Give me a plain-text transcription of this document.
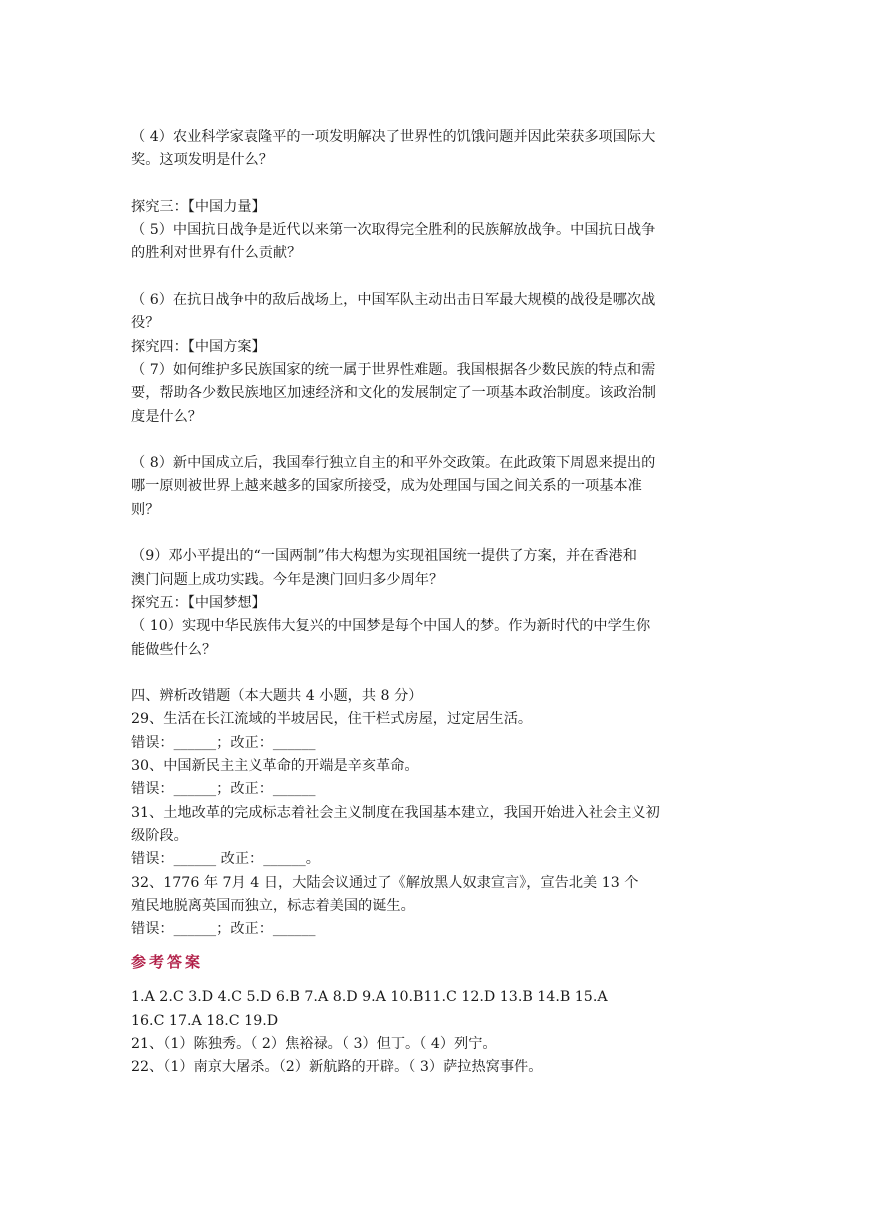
（ 4）农业科学家袁隆平的一项发明解决了世界性的饥饿问题并因此荣获多项国际大
奖。这项发明是什么？
探究三：【中国力量】
（ 5）中国抗日战争是近代以来第一次取得完全胜利的民族解放战争。中国抗日战争
的胜利对世界有什么贡献？
（ 6）在抗日战争中的敌后战场上，中国军队主动出击日军最大规模的战役是哪次战
役？
探究四：【中国方案】
（ 7）如何维护多民族国家的统一属于世界性难题。我国根据各少数民族的特点和需
要，帮助各少数民族地区加速经济和文化的发展制定了一项基本政治制度。该政治制
度是什么？
（ 8）新中国成立后，我国奉行独立自主的和平外交政策。在此政策下周恩来提出的
哪一原则被世界上越来越多的国家所接受，成为处理国与国之间关系的一项基本准
则？
（9）邓小平提出的“一国两制”伟大构想为实现祖国统一提供了方案，并在香港和
澳门问题上成功实践。今年是澳门回归多少周年？
探究五：【中国梦想】
（ 10）实现中华民族伟大复兴的中国梦是每个中国人的梦。作为新时代的中学生你
能做些什么？
四、辨析改错题（本大题共 4 小题，共 8 分）
29、生活在长江流域的半坡居民，住干栏式房屋，过定居生活。
错误：______；改正：______
30、中国新民主主义革命的开端是辛亥革命。
错误：______；改正：______
31、土地改革的完成标志着社会主义制度在我国基本建立，我国开始进入社会主义初
级阶段。
错误：______ 改正：______。
32、1776 年 7月 4 日，大陆会议通过了《解放黑人奴隶宣言》，宣告北美 13 个
殖民地脱离英国而独立，标志着美国的诞生。
错误：______；改正：______
参考答案
1.A 2.C 3.D 4.C 5.D 6.B 7.A 8.D 9.A 10.B11.C 12.D 13.B 14.B 15.A
16.C 17.A 18.C 19.D
21、（1）陈独秀。（ 2）焦裕禄。（ 3）但丁。（ 4）列宁。
22、（1）南京大屠杀。（2）新航路的开辟。（ 3）萨拉热窝事件。
